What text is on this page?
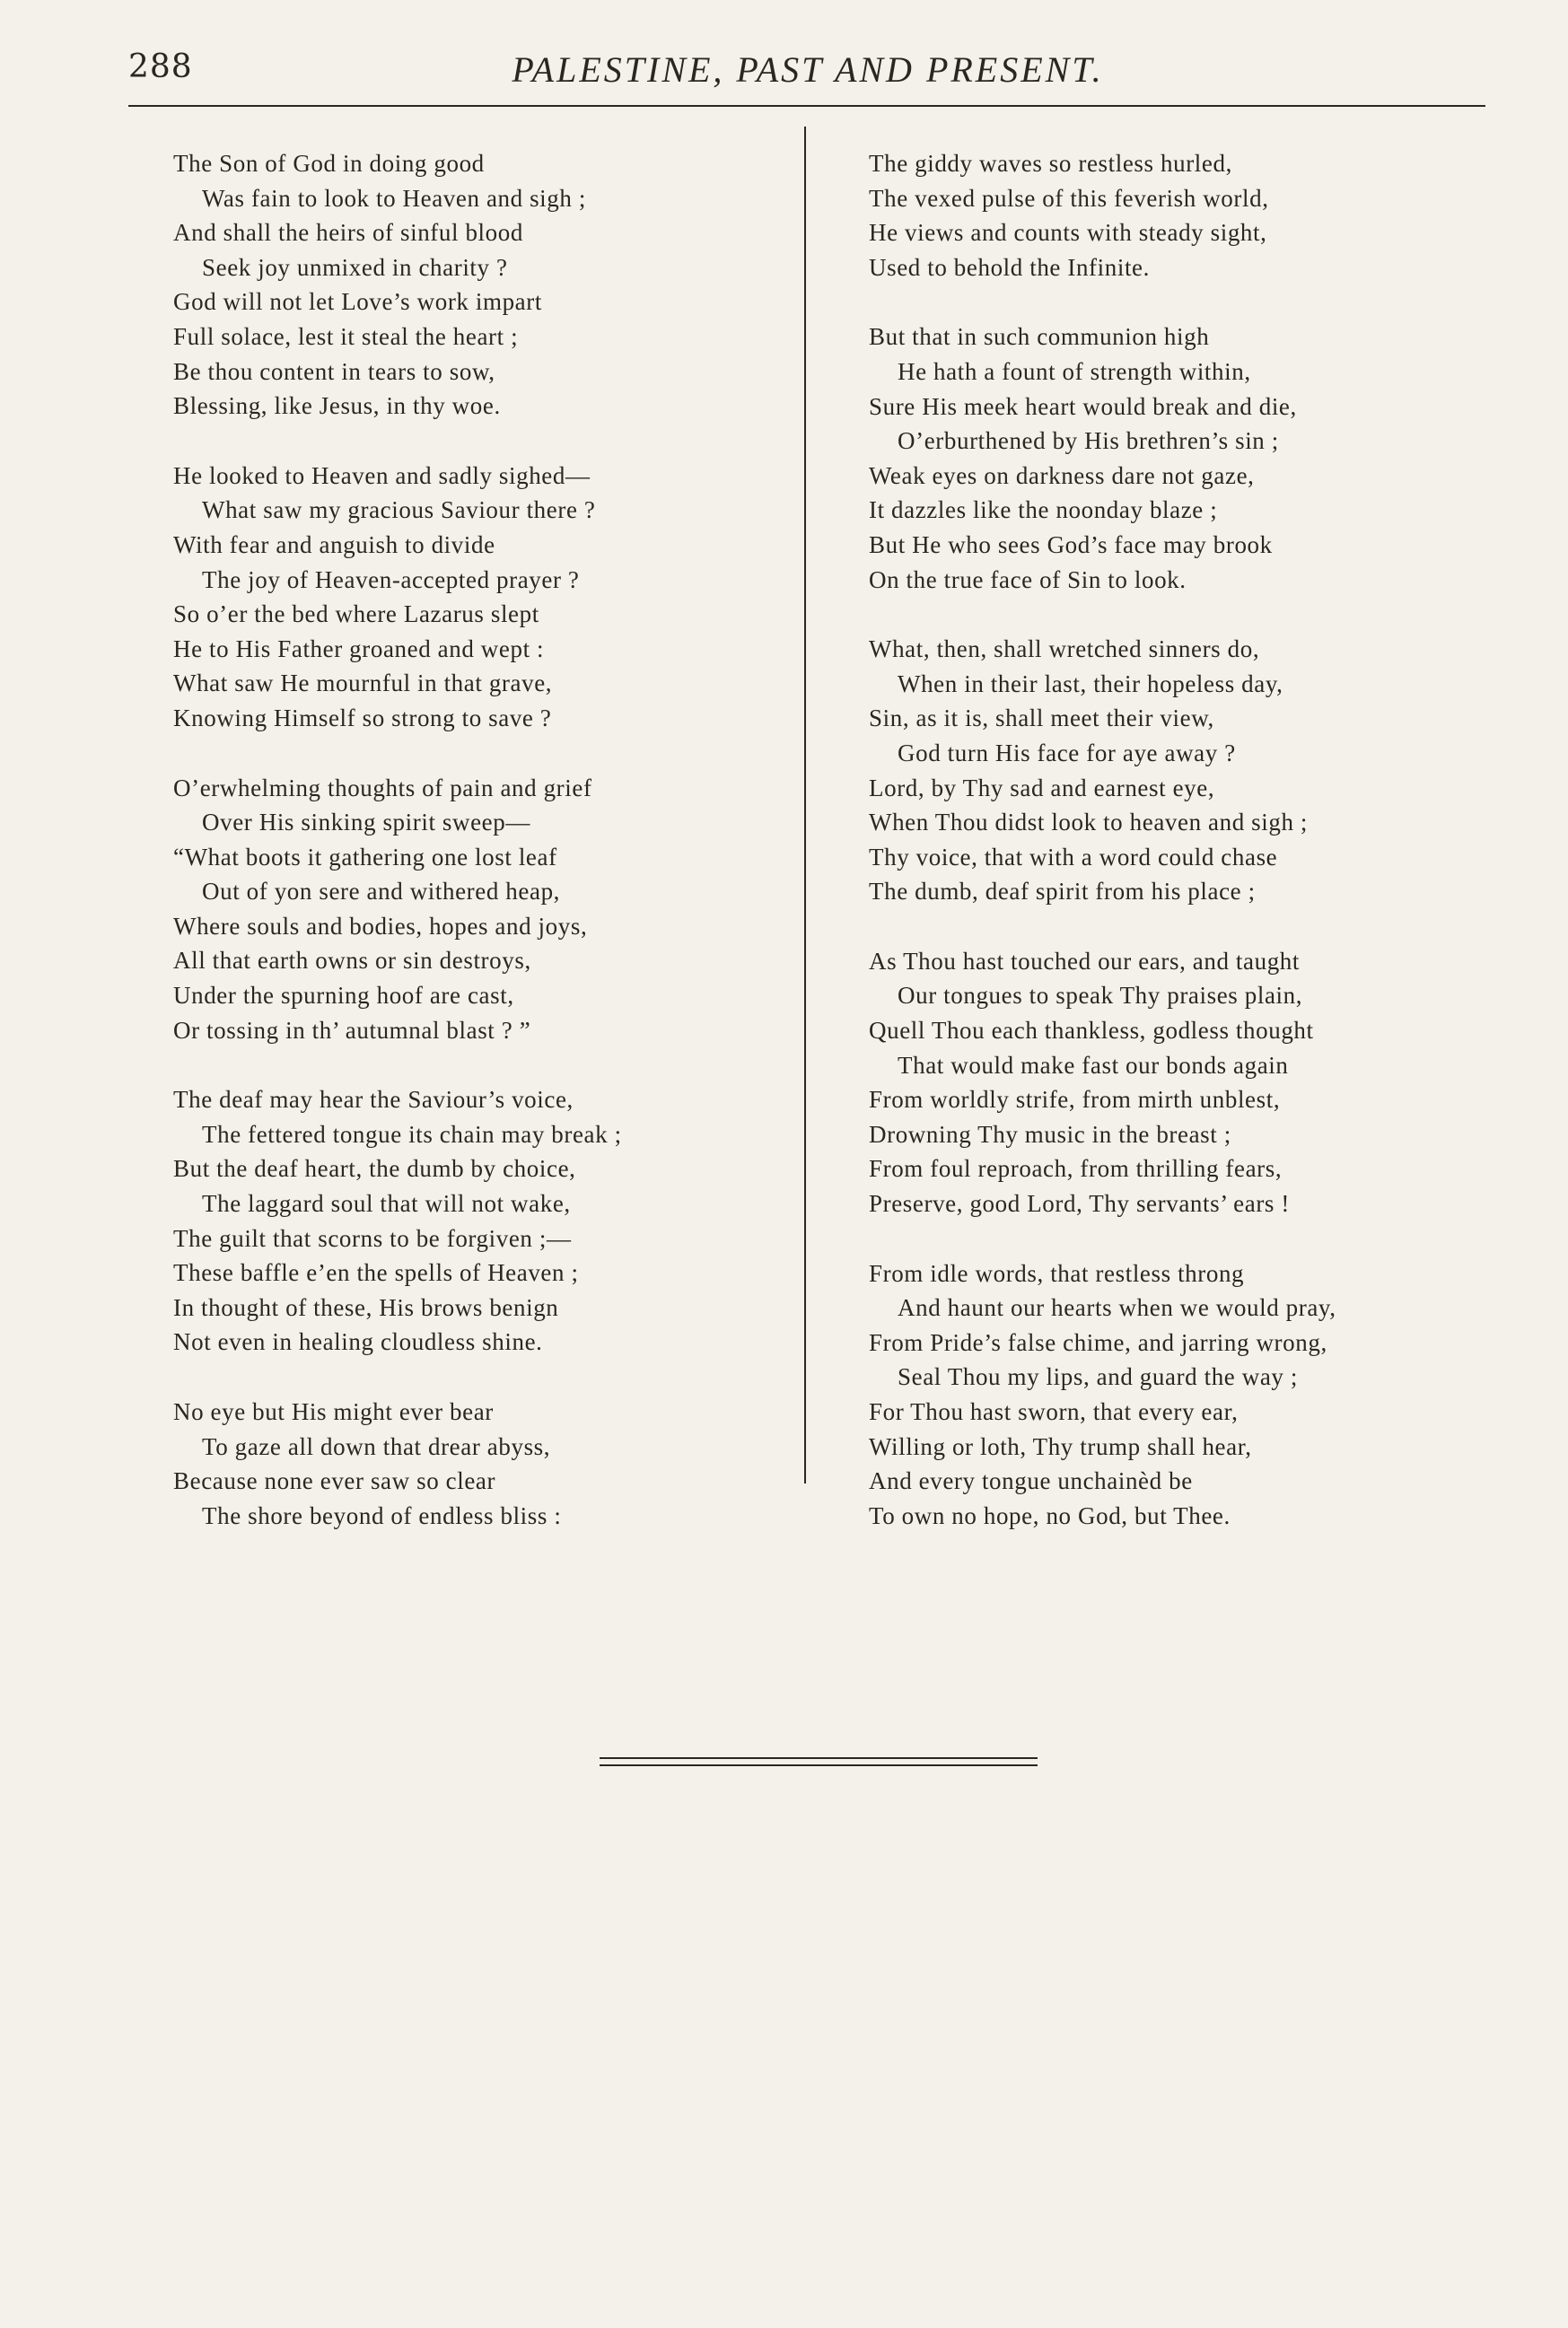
288	PALESTINE, PAST AND PRESENT.
The Son of God in doing good
Was fain to look to Heaven and sigh ;
And shall the heirs of sinful blood
Seek joy unmixed in charity ?
God will not let Love’s work impart
Full solace, lest it steal the heart ;
Be thou content in tears to sow,
Blessing, like Jesus, in thy woe.
He looked to Heaven and sadly sighed—
What saw my gracious Saviour there ?
With fear and anguish to divide
The joy of Heaven-accepted prayer ?
So o’er the bed where Lazarus slept
He to His Father groaned and wept :
What saw He mournful in that grave,
Knowing Himself so strong to save ?
O’erwhelming thoughts of pain and grief
Over His sinking spirit sweep—
“What boots it gathering one lost leaf
Out of yon sere and withered heap,
Where souls and bodies, hopes and joys,
All that earth owns or sin destroys,
Under the spurning hoof are cast,
Or tossing in th’ autumnal blast ? ”
The deaf may hear the Saviour’s voice,
The fettered tongue its chain may break ;
But the deaf heart, the dumb by choice,
The laggard soul that will not wake,
The guilt that scorns to be forgiven ;—
These baffle e’en the spells of Heaven ;
In thought of these, His brows benign
Not even in healing cloudless shine.
No eye but His might ever bear
To gaze all down that drear abyss,
Because none ever saw so clear
The shore beyond of endless bliss :
The giddy waves so restless hurled,
The vexed pulse of this feverish world,
He views and counts with steady sight,
Used to behold the Infinite.
But that in such communion high
He hath a fount of strength within,
Sure His meek heart would break and die,
O’erburthened by His brethren’s sin ;
Weak eyes on darkness dare not gaze,
It dazzles like the noonday blaze ;
But He who sees God’s face may brook
On the true face of Sin to look.
What, then, shall wretched sinners do,
When in their last, their hopeless day,
Sin, as it is, shall meet their view,
God turn His face for aye away ?
Lord, by Thy sad and earnest eye,
When Thou didst look to heaven and sigh ;
Thy voice, that with a word could chase
The dumb, deaf spirit from his place ;
As Thou hast touched our ears, and taught
Our tongues to speak Thy praises plain,
Quell Thou each thankless, godless thought
That would make fast our bonds again
From worldly strife, from mirth unblest,
Drowning Thy music in the breast ;
From foul reproach, from thrilling fears,
Preserve, good Lord, Thy servants’ ears !
From idle words, that restless throng
And haunt our hearts when we would pray,
From Pride’s false chime, and jarring wrong,
Seal Thou my lips, and guard the way ;
For Thou hast sworn, that every ear,
Willing or loth, Thy trump shall hear,
And every tongue unchainèd be
To own no hope, no God, but Thee.
